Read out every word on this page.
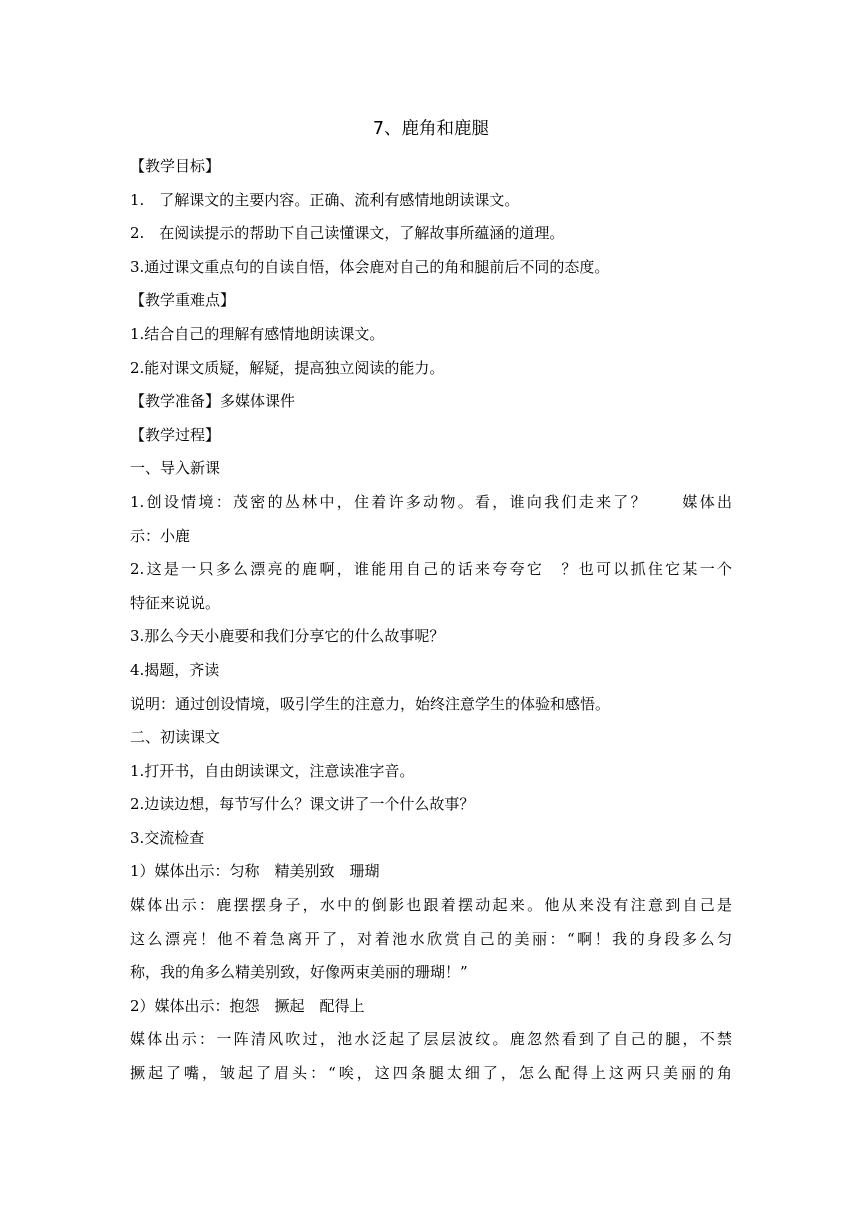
7、鹿角和鹿腿

【教学目标】

1.　了解课文的主要内容。正确、流利有感情地朗读课文。

2.　在阅读提示的帮助下自己读懂课文，了解故事所蕴涵的道理。

3.通过课文重点句的自读自悟，体会鹿对自己的角和腿前后不同的态度。

【教学重难点】

1.结合自己的理解有感情地朗读课文。

2.能对课文质疑，解疑，提高独立阅读的能力。

【教学准备】多媒体课件

【教学过程】

一、导入新课

1.创设情境：茂密的丛林中，住着许多动物。看，谁向我们走来了？　　媒体出
示：小鹿
2.这是一只多么漂亮的鹿啊，谁能用自己的话来夸夸它　？也可以抓住它某一个
特征来说说。

3.那么今天小鹿要和我们分享它的什么故事呢？

4.揭题，齐读

说明：通过创设情境，吸引学生的注意力，始终注意学生的体验和感悟。

二、初读课文

1.打开书，自由朗读课文，注意读准字音。

2.边读边想，每节写什么？课文讲了一个什么故事？

3.交流检查

1）媒体出示：匀称　精美别致　珊瑚

媒体出示：鹿摆摆身子，水中的倒影也跟着摆动起来。他从来没有注意到自己是
这么漂亮！他不着急离开了，对着池水欣赏自己的美丽：“啊！我的身段多么匀
称，我的角多么精美别致，好像两束美丽的珊瑚！”

2）媒体出示：抱怨　撅起　配得上

媒体出示：一阵清风吹过，池水泛起了层层波纹。鹿忽然看到了自己的腿，不禁
撅起了嘴，皱起了眉头：“唉，这四条腿太细了，怎么配得上这两只美丽的角
